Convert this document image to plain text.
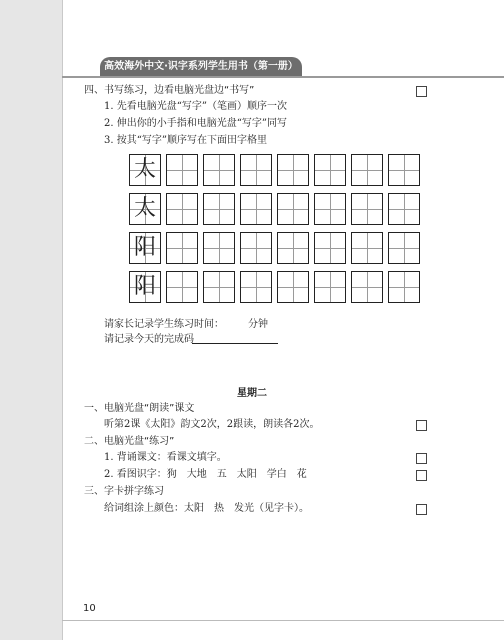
高效海外中文·识字系列学生用书（第一册）
四、书写练习，边看电脑光盘边“书写”
1. 先看电脑光盘“写字”（笔画）顺序一次
2. 伸出你的小手指和电脑光盘“写字”同写
3. 按其“写字”顺序写在下面田字格里
太
太
阳
阳
请家长记录学生练习时间： 分钟
请记录今天的完成码
星期二
一、电脑光盘“朗读”课文
听第2课《太阳》韵文2次，2跟读，朗读各2次。
二、电脑光盘“练习”
1. 背诵课文：看课文填字。
2. 看图识字：狗　大地　五　太阳　学白　花
三、字卡拼字练习
给词组涂上颜色：太阳　热　发光（见字卡）。
10
